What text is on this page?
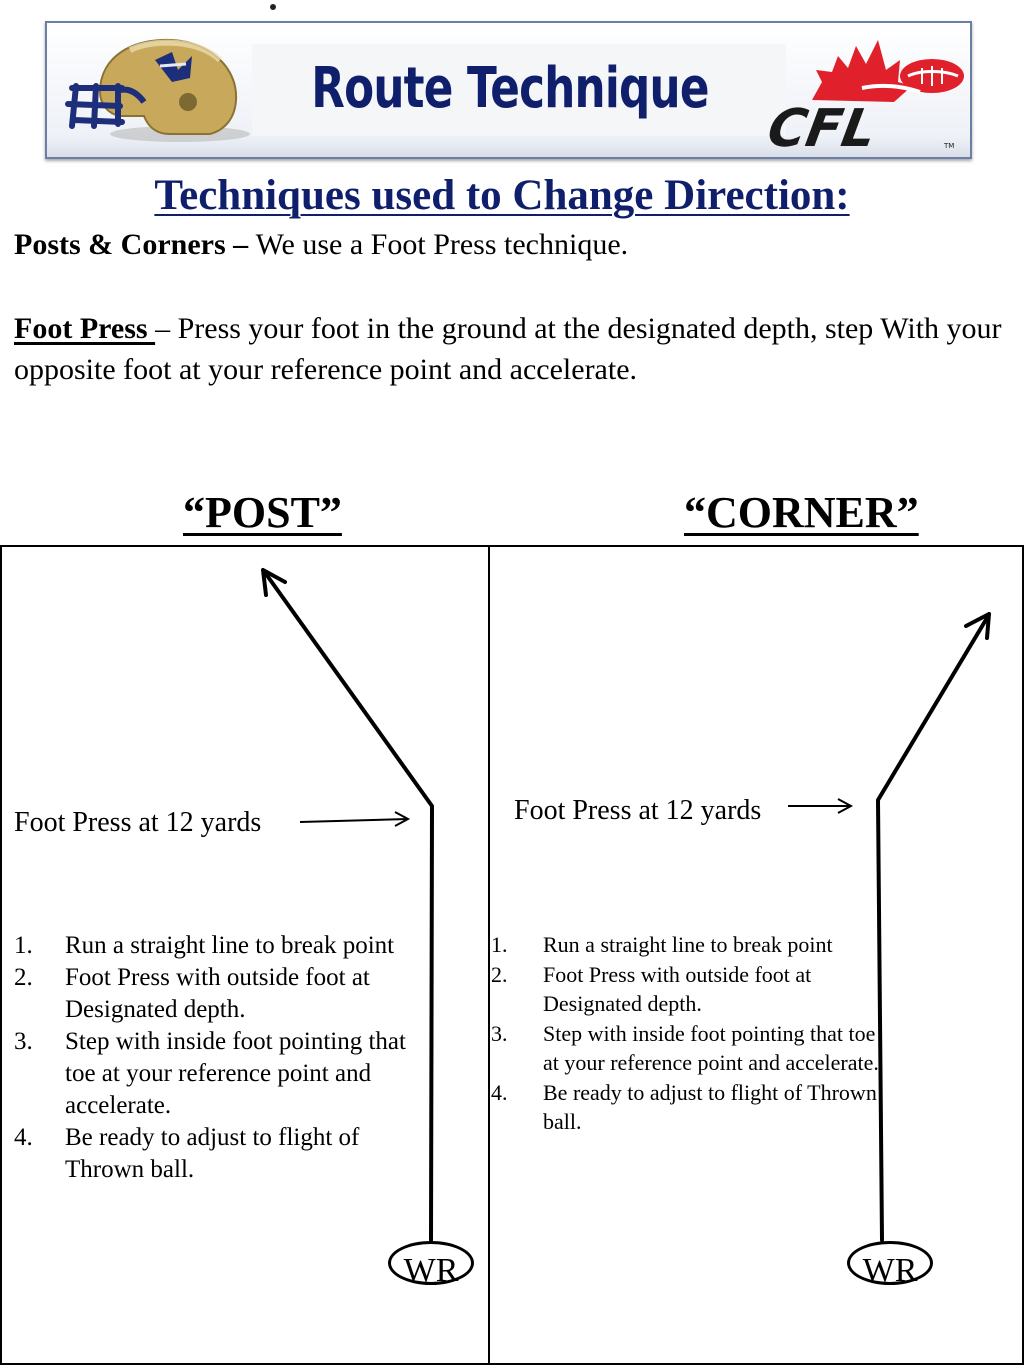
Route Technique
CFL	TM
Techniques used to Change Direction:
Posts & Corners – We use a Foot Press technique.
Foot Press – Press your foot in the ground at the designated depth, step With your opposite foot at your reference point and accelerate.
“POST”	“CORNER”
Foot Press at 12 yards	Foot Press at 12 yards
1. Run a straight line to break point
2. Foot Press with outside foot at Designated depth.
3. Step with inside foot pointing that toe at your reference point and accelerate.
4. Be ready to adjust to flight of Thrown ball.
1. Run a straight line to break point
2. Foot Press with outside foot at Designated depth.
3. Step with inside foot pointing that toe at your reference point and accelerate.
4. Be ready to adjust to flight of Thrown ball.
WR	WR
